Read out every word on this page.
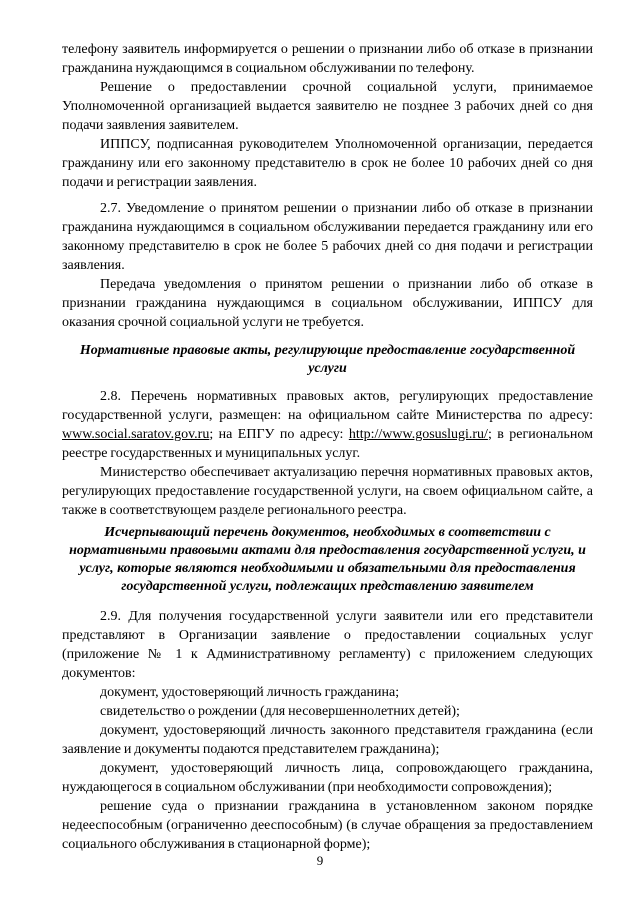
телефону заявитель информируется о решении о признании либо об отказе в признании гражданина нуждающимся в социальном обслуживании по телефону.

Решение о предоставлении срочной социальной услуги, принимаемое Уполномоченной организацией выдается заявителю не позднее 3 рабочих дней со дня подачи заявления заявителем.

ИППСУ, подписанная руководителем Уполномоченной организации, передается гражданину или его законному представителю в срок не более 10 рабочих дней со дня подачи и регистрации заявления.

2.7. Уведомление о принятом решении о признании либо об отказе в признании гражданина нуждающимся в социальном обслуживании передается гражданину или его законному представителю в срок не более 5 рабочих дней со дня подачи и регистрации заявления.

Передача уведомления о принятом решении о признании либо об отказе в признании гражданина нуждающимся в социальном обслуживании, ИППСУ для оказания срочной социальной услуги не требуется.

Нормативные правовые акты, регулирующие предоставление государственной услуги

2.8. Перечень нормативных правовых актов, регулирующих предоставление государственной услуги, размещен: на официальном сайте Министерства по адресу: www.social.saratov.gov.ru; на ЕПГУ по адресу: http://www.gosuslugi.ru/; в региональном реестре государственных и муниципальных услуг.

Министерство обеспечивает актуализацию перечня нормативных правовых актов, регулирующих предоставление государственной услуги, на своем официальном сайте, а также в соответствующем разделе регионального реестра.

Исчерпывающий перечень документов, необходимых в соответствии с нормативными правовыми актами для предоставления государственной услуги, и услуг, которые являются необходимыми и обязательными для предоставления государственной услуги, подлежащих представлению заявителем

2.9. Для получения государственной услуги заявители или его представители представляют в Организации заявление о предоставлении социальных услуг (приложение № 1 к Административному регламенту) с приложением следующих документов:

документ, удостоверяющий личность гражданина;

свидетельство о рождении (для несовершеннолетних детей);

документ, удостоверяющий личность законного представителя гражданина (если заявление и документы подаются представителем гражданина);

документ, удостоверяющий личность лица, сопровождающего гражданина, нуждающегося в социальном обслуживании (при необходимости сопровождения);

решение суда о признании гражданина в установленном законом порядке недееспособным (ограниченно дееспособным) (в случае обращения за предоставлением социального обслуживания в стационарной форме);

9
